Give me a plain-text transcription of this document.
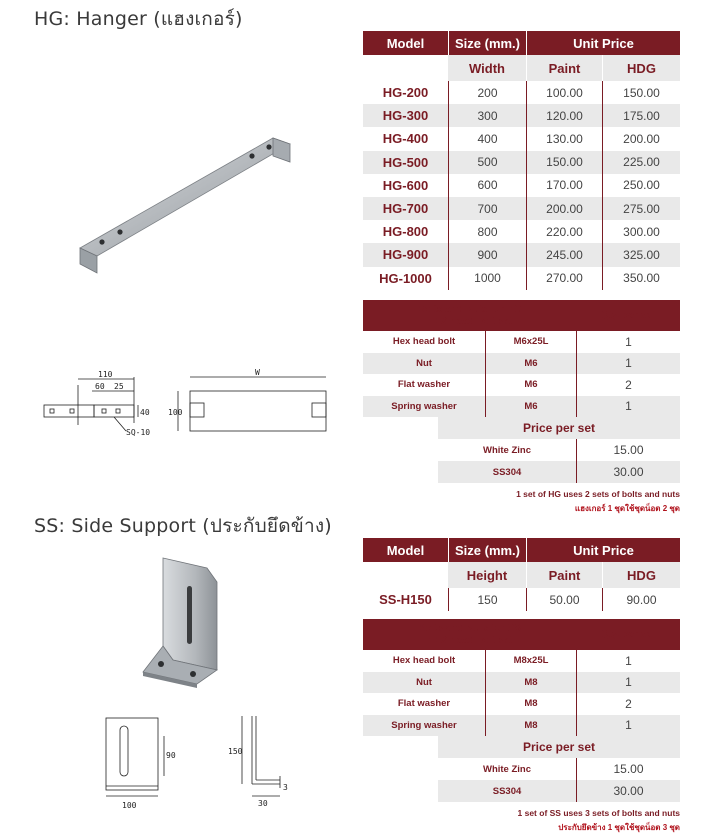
HG: Hanger (แฮงเกอร์)
110
60 25
40
SQ-10
100
W
Model	Size (mm.)	Unit Price	
	Width	Paint	HDG
HG-200	200	100.00	150.00
HG-300	300	120.00	175.00
HG-400	400	130.00	200.00
HG-500	500	150.00	225.00
HG-600	600	170.00	250.00
HG-700	700	200.00	275.00
HG-800	800	220.00	300.00
HG-900	900	245.00	325.00
HG-1000	1000	270.00	350.00
Bolts and Nuts for HG
HEX head bolt set		Qty. per set
Hex head bolt	M6x25L	1
Nut	M6	1
Flat washer	M6	2
Spring washer	M6	1
Price per set	
White Zinc	15.00
SS304	30.00
1 set of HG uses 2 sets of bolts and nuts
แฮงเกอร์ 1 ชุดใช้ชุดน็อต 2 ชุด
SS: Side Support (ประกับยึดข้าง)
90
100
150
30
3
Model	Size (mm.)	Unit Price	
	Height	Paint	HDG
SS-H150	150	50.00	90.00
Bolts and Nuts for SS
HEX head bolt set		Qty. per set
Hex head bolt	M8x25L	1
Nut	M8	1
Flat washer	M8	2
Spring washer	M8	1
Price per set	
White Zinc	15.00
SS304	30.00
1 set of SS uses 3 sets of bolts and nuts
ประกับยึดข้าง 1 ชุดใช้ชุดน็อต 3 ชุด
